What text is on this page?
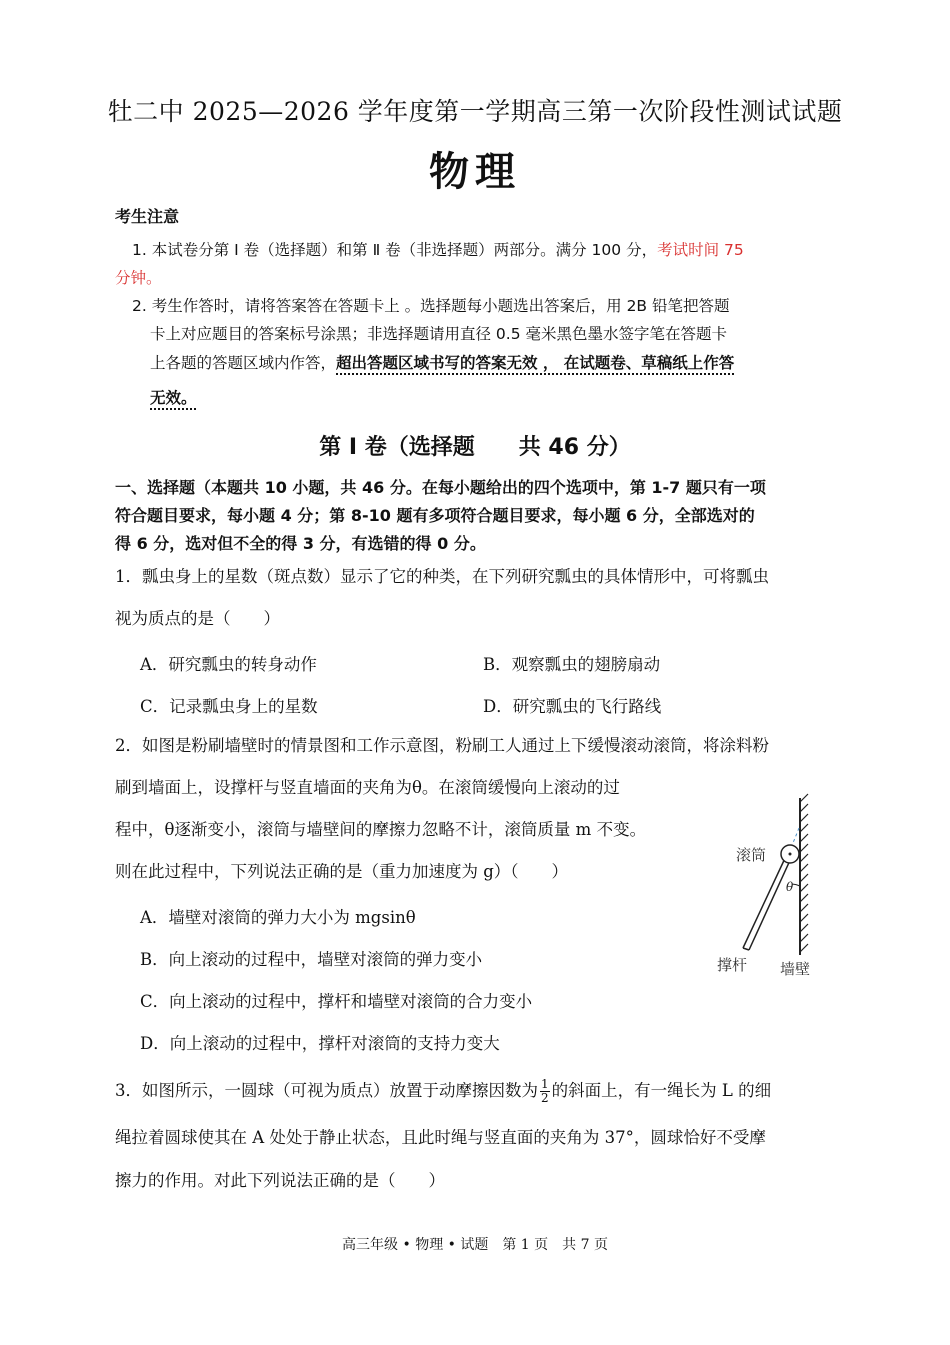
牡二中 2025—2026 学年度第一学期高三第一次阶段性测试试题
物理
考生注意
1. 本试卷分第 Ⅰ 卷（选择题）和第 Ⅱ 卷（非选择题）两部分。满分 100 分，考试时间 75
分钟。
2. 考生作答时，请将答案答在答题卡上 。选择题每小题选出答案后，用 2B 铅笔把答题
卡上对应题目的答案标号涂黑；非选择题请用直径 0.5 毫米黑色墨水签字笔在答题卡
上各题的答题区域内作答，超出答题区域书写的答案无效 ， 在试题卷、草稿纸上作答
无效。
第 Ⅰ 卷（选择题　　共 46 分）
一、选择题（本题共 10 小题，共 46 分。在每小题给出的四个选项中，第 1-7 题只有一项
符合题目要求，每小题 4 分；第 8-10 题有多项符合题目要求，每小题 6 分，全部选对的
得 6 分，选对但不全的得 3 分，有选错的得 0 分。
1．瓢虫身上的星数（斑点数）显示了它的种类，在下列研究瓢虫的具体情形中，可将瓢虫
视为质点的是（　　）
A．研究瓢虫的转身动作	B．观察瓢虫的翅膀扇动
C．记录瓢虫身上的星数	D．研究瓢虫的飞行路线
2．如图是粉刷墙壁时的情景图和工作示意图，粉刷工人通过上下缓慢滚动滚筒，将涂料粉
刷到墙面上，设撑杆与竖直墙面的夹角为θ。在滚筒缓慢向上滚动的过
程中，θ逐渐变小，滚筒与墙壁间的摩擦力忽略不计，滚筒质量 m 不变。
则在此过程中，下列说法正确的是（重力加速度为 g）（　　）
A．墙壁对滚筒的弹力大小为 mgsinθ
B．向上滚动的过程中，墙壁对滚筒的弹力变小
C．向上滚动的过程中，撑杆和墙壁对滚筒的合力变小
D．向上滚动的过程中，撑杆对滚筒的支持力变大
滚筒
θ
撑杆 墙壁
3．如图所示，一圆球（可视为质点）放置于动摩擦因数为 $\frac{1}{2}$ 的斜面上，有一绳长为 L 的细
绳拉着圆球使其在 A 处处于静止状态，且此时绳与竖直面的夹角为 37°，圆球恰好不受摩
擦力的作用。对此下列说法正确的是（　　）
高三年级 • 物理 • 试题　第 1 页　共 7 页
